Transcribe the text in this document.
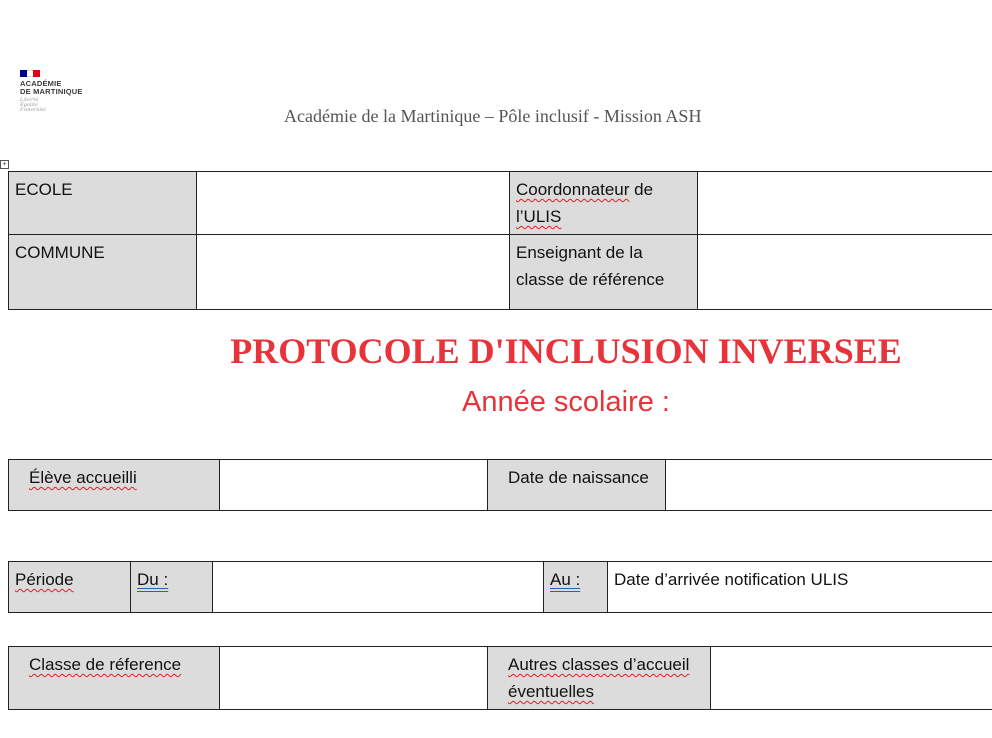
ACADÉMIE
DE MARTINIQUE
Liberté
Égalité
Fraternité	Académie de la Martinique – Pôle inclusif - Mission ASH
+
ECOLE		Coordonnateur de l’ULIS	
COMMUNE		Enseignant de la classe de référence	
PROTOCOLE D'INCLUSION INVERSEE
Année scolaire :
Élève accueilli		Date de naissance	
Période	Du :		Au :	Date d’arrivée notification ULIS
Classe de réference		Autres classes d’accueil éventuelles	
